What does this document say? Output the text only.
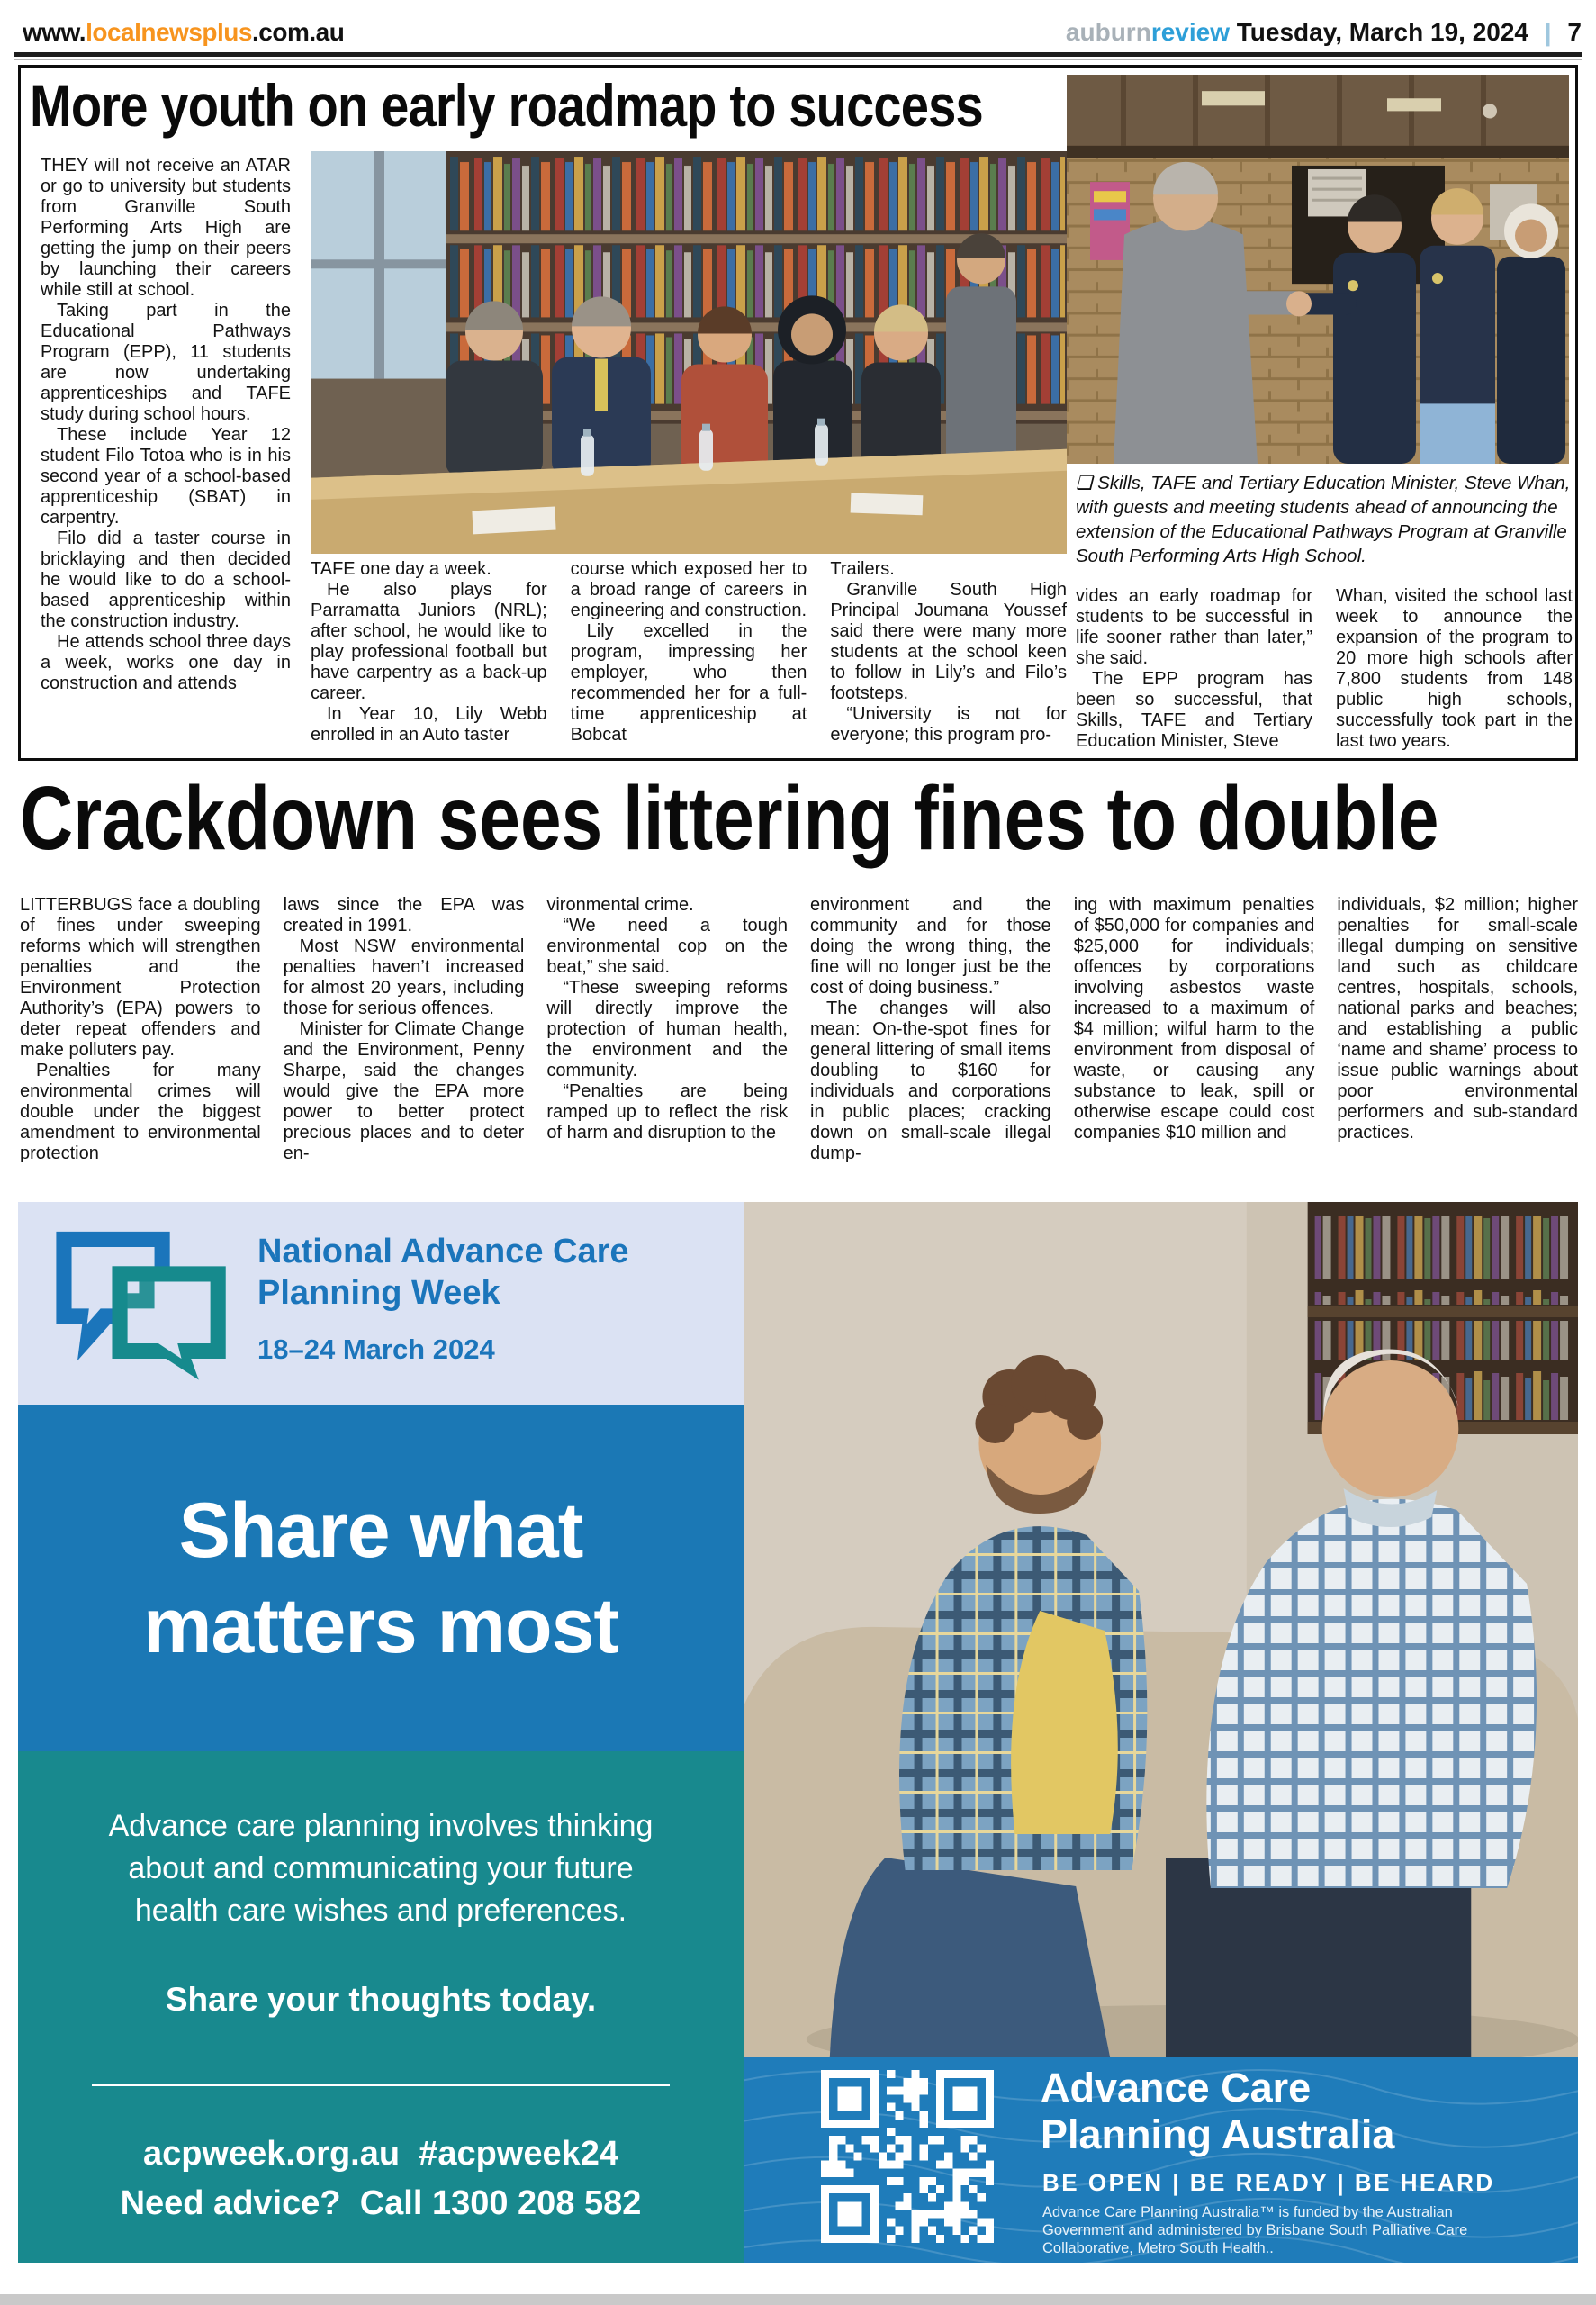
www.localnewsplus.com.au	auburnreview Tuesday, March 19, 2024 | 7
More youth on early roadmap to success

THEY will not receive an ATAR or go to university but students from Granville South Performing Arts High are getting the jump on their peers by launching their careers while still at school.

Taking part in the Educational Pathways Program (EPP), 11 students are now undertaking apprenticeships and TAFE study during school hours.

These include Year 12 student Filo Totoa who is in his second year of a school-based apprenticeship (SBAT) in carpentry.

Filo did a taster course in bricklaying and then decided he would like to do a school-based apprenticeship within the construction industry.

He attends school three days a week, works one day in construction and attends

TAFE one day a week.

He also plays for Parramatta Juniors (NRL); after school, he would like to play professional football but have carpentry as a back-up career.

In Year 10, Lily Webb enrolled in an Auto taster

course which exposed her to a broad range of careers in engineering and construction.

Lily excelled in the program, impressing her employer, who then recommended her for a full-time apprenticeship at Bobcat

Trailers.

Granville South High Principal Joumana Youssef said there were many more students at the school keen to follow in Lily’s and Filo’s footsteps.

“University is not for everyone; this program pro-

❑ Skills, TAFE and Tertiary Education Minister, Steve Whan, with guests and meeting students ahead of announcing the extension of the Educational Pathways Program at Granville South Performing Arts High School.

vides an early roadmap for students to be successful in life sooner rather than later,” she said.

The EPP program has been so successful, that Skills, TAFE and Tertiary Education Minister, Steve

Whan, visited the school last week to announce the expansion of the program to 20 more high schools after 7,800 students from 148 public high schools, successfully took part in the last two years.

Crackdown sees littering fines to double

LITTERBUGS face a doubling of fines under sweeping reforms which will strengthen penalties and the Environment Protection Authority’s (EPA) powers to deter repeat offenders and make polluters pay.

Penalties for many environmental crimes will double under the biggest amendment to environmental protection

laws since the EPA was created in 1991.

Most NSW environmental penalties haven’t increased for almost 20 years, including those for serious offences.

Minister for Climate Change and the Environment, Penny Sharpe, said the changes would give the EPA more power to better protect precious places and to deter en-

vironmental crime.

“We need a tough environmental cop on the beat,” she said.

“These sweeping reforms will directly improve the protection of human health, the environment and the community.

“Penalties are being ramped up to reflect the risk of harm and disruption to the

environment and the community and for those doing the wrong thing, the fine will no longer just be the cost of doing business.”

The changes will also mean: On-the-spot fines for general littering of small items doubling to $160 for individuals and corporations in public places; cracking down on small-scale illegal dump-

ing with maximum penalties of $50,000 for companies and $25,000 for individuals; offences by corporations involving asbestos waste increased to a maximum of $4 million; wilful harm to the environment from disposal of waste, or causing any substance to leak, spill or otherwise escape could cost companies $10 million and

individuals, $2 million; higher penalties for small-scale illegal dumping on sensitive land such as childcare centres, hospitals, schools, national parks and beaches; and establishing a public ‘name and shame’ process to issue public warnings about poor environmental performers and sub-standard practices.

National Advance Care Planning Week
18–24 March 2024

Share what matters most

Advance care planning involves thinking about and communicating your future health care wishes and preferences.

Share your thoughts today.
acpweek.org.au  #acpweek24
Need advice?  Call 1300 208 582

Advance Care
Planning Australia

BE OPEN | BE READY | BE HEARD
Advance Care Planning Australia™ is funded by the Australian Government and administered by Brisbane South Palliative Care Collaborative, Metro South Health..
